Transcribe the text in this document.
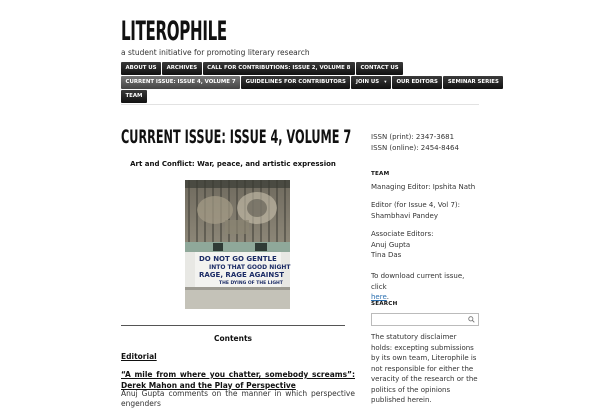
LITEROPHILE
a student initiative for promoting literary research
ABOUT US	ARCHIVES	CALL FOR CONTRIBUTIONS: ISSUE 2, VOLUME 8	CONTACT US
CURRENT ISSUE: ISSUE 4, VOLUME 7	GUIDELINES FOR CONTRIBUTORS	JOIN US ▾	OUR EDITORS	SEMINAR SERIES
TEAM
CURRENT ISSUE: ISSUE 4, VOLUME 7
Art and Conflict: War, peace, and artistic expression
DO NOT GO GENTLE
INTO THAT GOOD NIGHT
RAGE, RAGE AGAINST
THE DYING OF THE LIGHT
Contents
Editorial
“A mile from where you chatter, somebody screams”: Derek Mahon and the Play of Perspective
Anuj Gupta comments on the manner in which perspective engenders
ISSN (print): 2347-3681
ISSN (online): 2454-8464
TEAM
Managing Editor: Ipshita Nath
Editor (for Issue 4, Vol 7):
Shambhavi Pandey
Associate Editors:
Anuj Gupta
Tina Das
To download current issue, click
here.
SEARCH
The statutory disclaimer holds: excepting submissions by its own team, Literophile is not responsible for either the veracity of the research or the politics of the opinions published herein.
